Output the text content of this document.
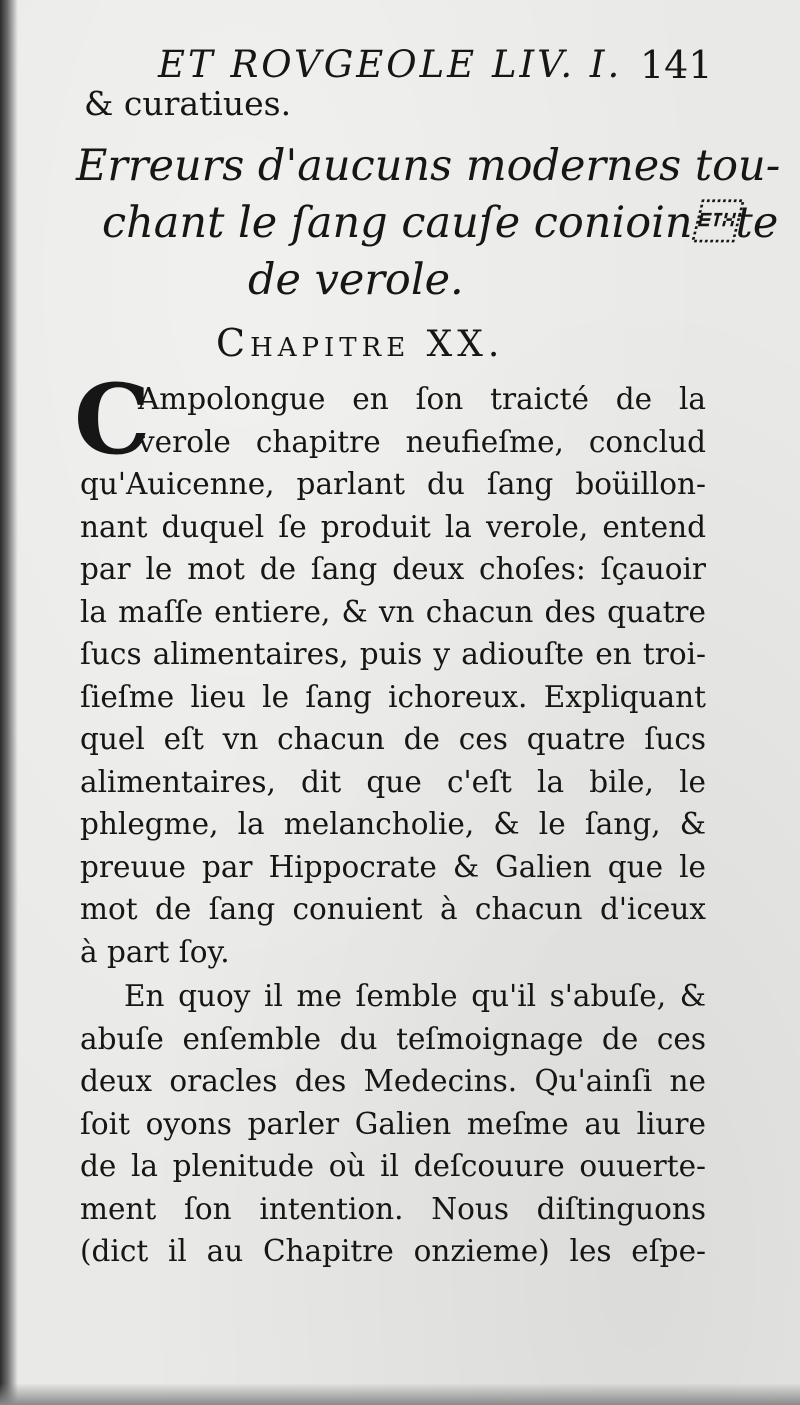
ET ROVGEOLE LIV. I. 141
& curatiues.
Erreurs d'aucuns modernes tou-
chant le ſang cauſe coniointe
de verole.
CHAPITRE XX.
C
Ampolongue en ſon traicté de la
verole chapitre neufieſme, conclud
qu'Auicenne, parlant du ſang boüillon-
nant duquel ſe produit la verole, entend
par le mot de ſang deux choſes: ſçauoir
la maſſe entiere, & vn chacun des quatre
ſucs alimentaires, puis y adiouſte en troi-
ſieſme lieu le ſang ichoreux. Expliquant
quel eſt vn chacun de ces quatre ſucs
alimentaires, dit que c'eſt la bile, le
phlegme, la melancholie, & le ſang, &
preuue par Hippocrate & Galien que le
mot de ſang conuient à chacun d'iceux
à part ſoy.
En quoy il me ſemble qu'il s'abuſe, &
abuſe enſemble du teſmoignage de ces
deux oracles des Medecins. Qu'ainſi ne
ſoit oyons parler Galien meſme au liure
de la plenitude où il deſcouure ouuerte-
ment ſon intention. Nous diſtinguons
(dict il au Chapitre onzieme) les eſpe-
